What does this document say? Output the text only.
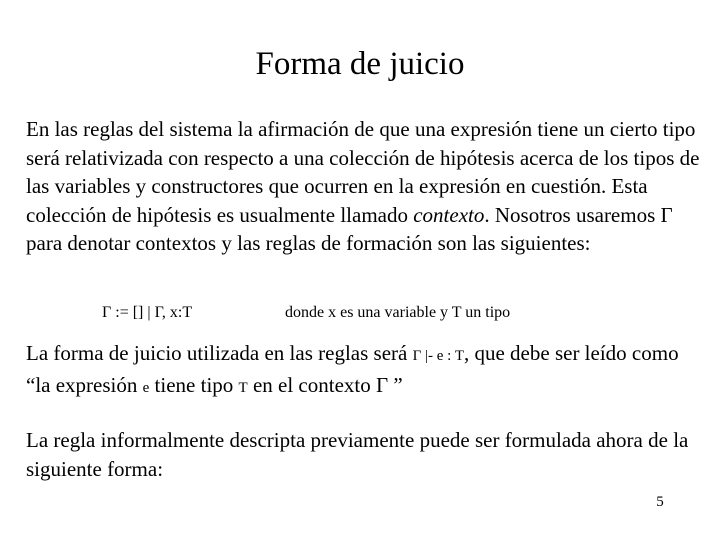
Forma de juicio
En las reglas del sistema la afirmación de que una expresión tiene un cierto tipo será relativizada con respecto a una colección de hipótesis acerca de los tipos de las variables y constructores que ocurren en la expresión en cuestión. Esta colección de hipótesis es usualmente llamado contexto. Nosotros usaremos Γ para denotar contextos y las reglas de formación son las siguientes:
Γ := [] | Γ, x:T	donde x es una variable y T un tipo
La forma de juicio utilizada en las reglas será Γ |- e : T, que debe ser leído como “la expresión e tiene tipo T en el contexto Γ ”
La regla informalmente descripta previamente puede ser formulada ahora de la siguiente forma:
5
